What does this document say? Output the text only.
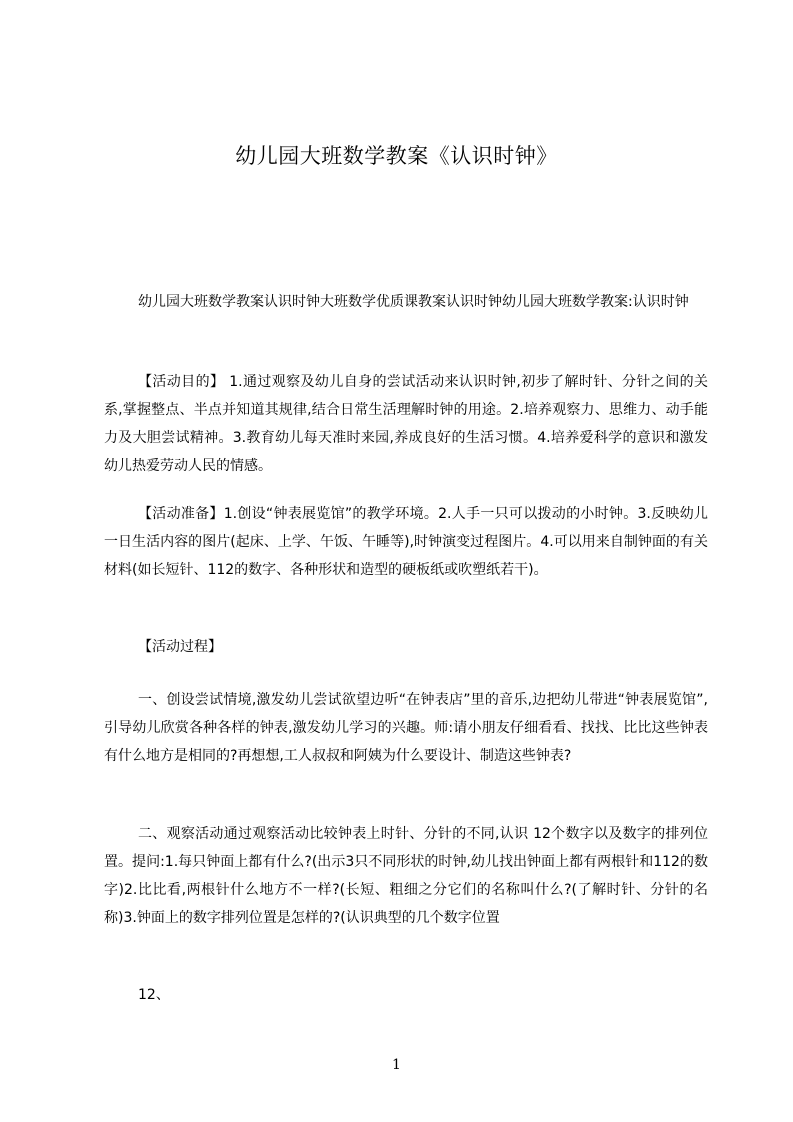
幼儿园大班数学教案《认识时钟》

幼儿园大班数学教案认识时钟大班数学优质课教案认识时钟幼儿园大班数学教案:认识时钟

【活动目的】 1.通过观察及幼儿自身的尝试活动来认识时钟,初步了解时针、分针之间的关系,掌握整点、半点并知道其规律,结合日常生活理解时钟的用途。2.培养观察力、思维力、动手能力及大胆尝试精神。3.教育幼儿每天准时来园,养成良好的生活习惯。4.培养爱科学的意识和激发幼儿热爱劳动人民的情感。

【活动准备】1.创设“钟表展览馆”的教学环境。2.人手一只可以拨动的小时钟。3.反映幼儿一日生活内容的图片(起床、上学、午饭、午睡等),时钟演变过程图片。4.可以用来自制钟面的有关材料(如长短针、112的数字、各种形状和造型的硬板纸或吹塑纸若干)。

【活动过程】

一、创设尝试情境,激发幼儿尝试欲望边听“在钟表店”里的音乐,边把幼儿带进“钟表展览馆”,引导幼儿欣赏各种各样的钟表,激发幼儿学习的兴趣。师:请小朋友仔细看看、找找、比比这些钟表有什么地方是相同的?再想想,工人叔叔和阿姨为什么要设计、制造这些钟表?

二、观察活动通过观察活动比较钟表上时针、分针的不同,认识 12个数字以及数字的排列位置。提问:1.每只钟面上都有什么?(出示3只不同形状的时钟,幼儿找出钟面上都有两根针和112的数字)2.比比看,两根针什么地方不一样?(长短、粗细之分它们的名称叫什么?(了解时针、分针的名称)3.钟面上的数字排列位置是怎样的?(认识典型的几个数字位置

12、

1
